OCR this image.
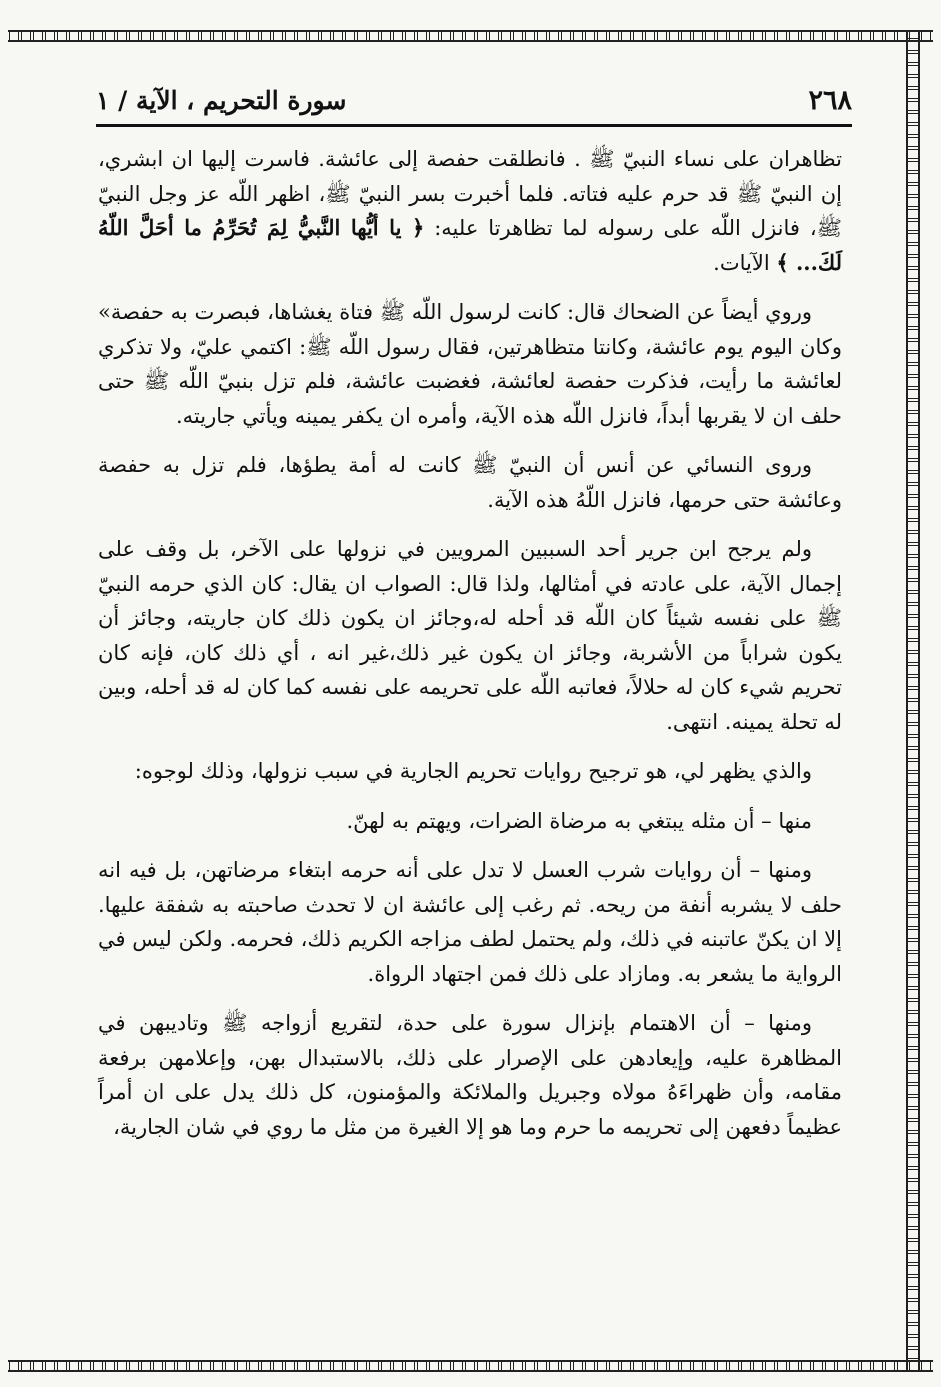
٢٦٨
سورة التحريم ، الآية / ١

تظاهران على نساء النبيّ ﷺ . فانطلقت حفصة إلى عائشة. فاسرت إليها ان ابشري، إن النبيّ ﷺ قد حرم عليه فتاته. فلما أخبرت بسر النبيّ ﷺ، اظهر اللّه عز وجل النبيّ ﷺ، فانزل اللّه على رسوله لما تظاهرتا عليه: ﴿ يا أيُّها النَّبيُّ لِمَ تُحَرِّمُ ما أحَلَّ اللّهُ لَكَ... ﴾ الآيات.

وروي أيضاً عن الضحاك قال: كانت لرسول اللّه ﷺ فتاة يغشاها، فبصرت به حفصة» وكان اليوم يوم عائشة، وكانتا متظاهرتين، فقال رسول اللّه ﷺ: اكتمي عليّ، ولا تذكري لعائشة ما رأيت، فذكرت حفصة لعائشة، فغضبت عائشة، فلم تزل بنبيّ اللّه ﷺ حتى حلف ان لا يقربها أبداً، فانزل اللّه هذه الآية، وأمره ان يكفر يمينه ويأتي جاريته.

وروى النسائي عن أنس أن النبيّ ﷺ كانت له أمة يطؤها، فلم تزل به حفصة وعائشة حتى حرمها، فانزل اللّهُ هذه الآية.

ولم يرجح ابن جرير أحد السببين المرويين في نزولها على الآخر، بل وقف على إجمال الآية، على عادته في أمثالها، ولذا قال: الصواب ان يقال: كان الذي حرمه النبيّ ﷺ على نفسه شيئاً كان اللّه قد أحله له،وجائز ان يكون ذلك كان جاريته، وجائز أن يكون شراباً من الأشربة، وجائز ان يكون غير ذلك،غير انه ، أي ذلك كان، فإنه كان تحريم شيء كان له حلالاً، فعاتبه اللّه على تحريمه على نفسه كما كان له قد أحله، وبين له تحلة يمينه. انتهى.

والذي يظهر لي، هو ترجيح روايات تحريم الجارية في سبب نزولها، وذلك لوجوه:

منها – أن مثله يبتغي به مرضاة الضرات، ويهتم به لهنّ.

ومنها – أن روايات شرب العسل لا تدل على أنه حرمه ابتغاء مرضاتهن، بل فيه انه حلف لا يشربه أنفة من ريحه. ثم رغب إلى عائشة ان لا تحدث صاحبته به شفقة عليها. إلا ان يكنّ عاتبنه في ذلك، ولم يحتمل لطف مزاجه الكريم ذلك، فحرمه. ولكن ليس في الرواية ما يشعر به. ومازاد على ذلك فمن اجتهاد الرواة.

ومنها – أن الاهتمام بإنزال سورة على حدة، لتقريع أزواجه ﷺ وتاديبهن في المظاهرة عليه، وإيعادهن على الإصرار على ذلك، بالاستبدال بهن، وإعلامهن برفعة مقامه، وأن ظهراءَهُ مولاه وجبريل والملائكة والمؤمنون، كل ذلك يدل على ان أمراً عظيماً دفعهن إلى تحريمه ما حرم وما هو إلا الغيرة من مثل ما روي في شان الجارية،
